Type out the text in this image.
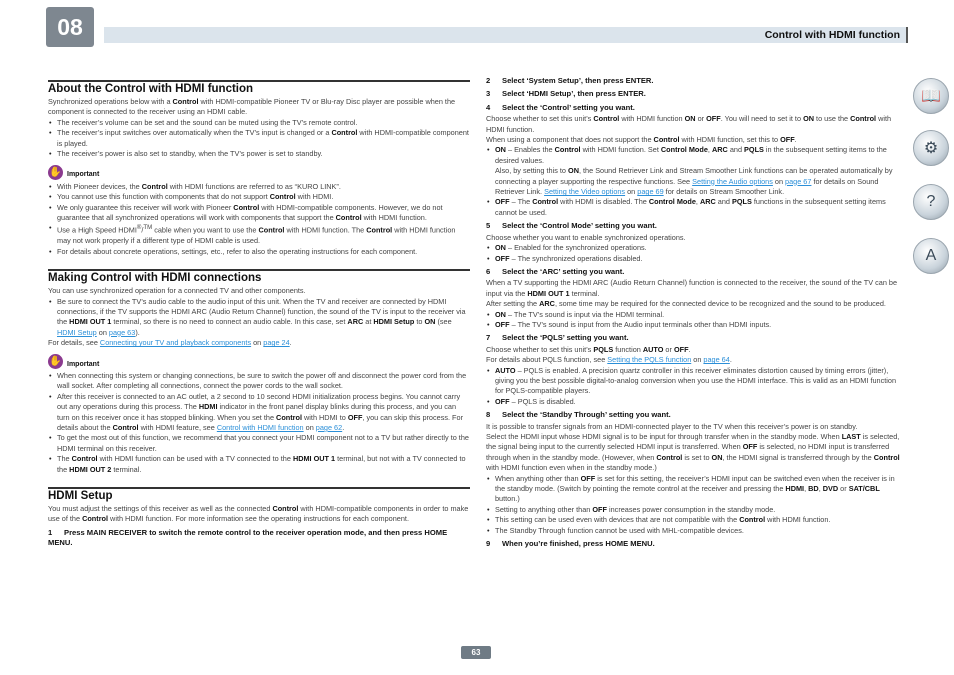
08	Control with HDMI function
About the Control with HDMI function

Synchronized operations below with a Control with HDMI-compatible Pioneer TV or Blu-ray Disc player are possible when the component is connected to the receiver using an HDMI cable.

• The receiver’s volume can be set and the sound can be muted using the TV’s remote control.
• The receiver’s input switches over automatically when the TV’s input is changed or a Control with HDMI-compatible component is played.
• The receiver’s power is also set to standby, when the TV’s power is set to standby.
✋ Important
• With Pioneer devices, the Control with HDMI functions are referred to as “KURO LINK”.
• You cannot use this function with components that do not support Control with HDMI.
• We only guarantee this receiver will work with Pioneer Control with HDMI-compatible components. However, we do not guarantee that all synchronized operations will work with components that support the Control with HDMI function.
• Use a High Speed HDMI®/™ cable when you want to use the Control with HDMI function. The Control with HDMI function may not work properly if a different type of HDMI cable is used.
• For details about concrete operations, settings, etc., refer to also the operating instructions for each component.
Making Control with HDMI connections

You can use synchronized operation for a connected TV and other components.

• Be sure to connect the TV’s audio cable to the audio input of this unit. When the TV and receiver are connected by HDMI connections, if the TV supports the HDMI ARC (Audio Return Channel) function, the sound of the TV is input to the receiver via the HDMI OUT 1 terminal, so there is no need to connect an audio cable. In this case, set ARC at HDMI Setup to ON (see HDMI Setup on page 63).

For details, see Connecting your TV and playback components on page 24.

✋ Important
• When connecting this system or changing connections, be sure to switch the power off and disconnect the power cord from the wall socket. After completing all connections, connect the power cords to the wall socket.
• After this receiver is connected to an AC outlet, a 2 second to 10 second HDMI initialization process begins. You cannot carry out any operations during this process. The HDMI indicator in the front panel display blinks during this process, and you can turn on this receiver once it has stopped blinking. When you set the Control with HDMI to OFF, you can skip this process. For details about the Control with HDMI feature, see Control with HDMI function on page 62.
• To get the most out of this function, we recommend that you connect your HDMI component not to a TV but rather directly to the HDMI terminal on this receiver.
• The Control with HDMI function can be used with a TV connected to the HDMI OUT 1 terminal, but not with a TV connected to the HDMI OUT 2 terminal.
HDMI Setup

You must adjust the settings of this receiver as well as the connected Control with HDMI-compatible components in order to make use of the Control with HDMI function. For more information see the operating instructions for each component.

1 Press MAIN RECEIVER to switch the remote control to the receiver operation mode, and then press HOME MENU.
2 Select ‘System Setup’, then press ENTER.
3 Select ‘HDMI Setup’, then press ENTER.
4 Select the ‘Control’ setting you want.

Choose whether to set this unit’s Control with HDMI function ON or OFF. You will need to set it to ON to use the Control with HDMI function.

When using a component that does not support the Control with HDMI function, set this to OFF.

• ON – Enables the Control with HDMI function. Set Control Mode, ARC and PQLS in the subsequent setting items to the desired values.
Also, by setting this to ON, the Sound Retriever Link and Stream Smoother Link functions can be operated automatically by connecting a player supporting the respective functions. See Setting the Audio options on page 67 for details on Sound Retriever Link. Setting the Video options on page 69 for details on Stream Smoother Link.
• OFF – The Control with HDMI is disabled. The Control Mode, ARC and PQLS functions in the subsequent setting items cannot be used.
5 Select the ‘Control Mode’ setting you want.

Choose whether you want to enable synchronized operations.

• ON – Enabled for the synchronized operations.
• OFF – The synchronized operations disabled.
6 Select the ‘ARC’ setting you want.

When a TV supporting the HDMI ARC (Audio Return Channel) function is connected to the receiver, the sound of the TV can be input via the HDMI OUT 1 terminal.

After setting the ARC, some time may be required for the connected device to be recognized and the sound to be produced.

• ON – The TV’s sound is input via the HDMI terminal.
• OFF – The TV’s sound is input from the Audio input terminals other than HDMI inputs.
7 Select the ‘PQLS’ setting you want.

Choose whether to set this unit’s PQLS function AUTO or OFF.

For details about PQLS function, see Setting the PQLS function on page 64.

• AUTO – PQLS is enabled. A precision quartz controller in this receiver eliminates distortion caused by timing errors (jitter), giving you the best possible digital-to-analog conversion when you use the HDMI interface. This is valid as an HDMI function for PQLS-compatible players.
• OFF – PQLS is disabled.
8 Select the ‘Standby Through’ setting you want.

It is possible to transfer signals from an HDMI-connected player to the TV when this receiver’s power is on standby.

Select the HDMI input whose HDMI signal is to be input for through transfer when in the standby mode. When LAST is selected, the signal being input to the currently selected HDMI input is transferred. When OFF is selected, no HDMI input is transferred through when in the standby mode. (However, when Control is set to ON, the HDMI signal is transferred through by the Control with HDMI function even when in the standby mode.)

• When anything other than OFF is set for this setting, the receiver’s HDMI input can be switched even when the receiver is in the standby mode. (Switch by pointing the remote control at the receiver and pressing the HDMI, BD, DVD or SAT/CBL button.)
• Setting to anything other than OFF increases power consumption in the standby mode.
• This setting can be used even with devices that are not compatible with the Control with HDMI function.
• The Standby Through function cannot be used with MHL-compatible devices.
9 When you’re finished, press HOME MENU.
📖
⚙
?
A
63
